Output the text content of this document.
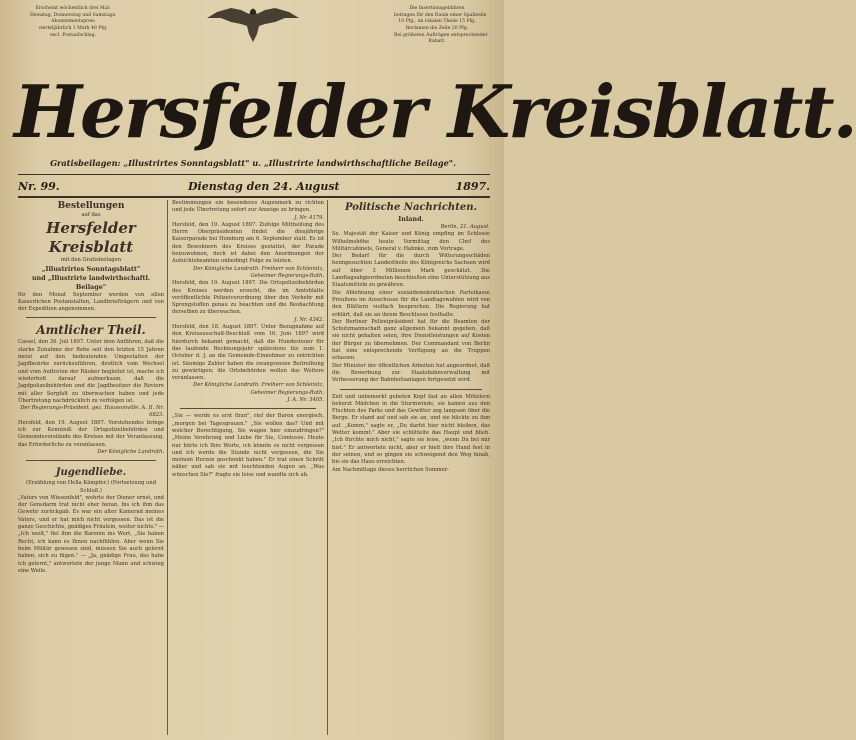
Erscheint wöchentlich drei Mal:
Dienstag, Donnerstag und Samstags.
Abonnementspreis
vierteljährlich 1 Mark 40 Pfg.
excl. Postaufschlag.
Die Insertionsgebühren
betragen für den Raum einer Spaltzeile
10 Pfg., im lokalen Theile 15 Pfg.
Reclamen die Zeile 20 Pfg.
Bei größeren Aufträgen entsprechender
Rabatt.
Hersfelder Kreisblatt.
Gratisbeilagen: „Illustrirtes Sonntagsblatt" u. „Illustrirte landwirthschaftliche Beilage".
Nr. 99.	Dienstag den 24. August	1897.
Bestellungen
auf das
Hersfelder Kreisblatt
mit den Gratisbeilagen
„Illustrirtes Sonntagsblatt"
und „Illustrirte landwirthschaftl. Beilage"

für den Monat September werden von allen Kaiserlichen Postanstalten, Landbriefträgern und von der Expedition angenommen.

Amtlicher Theil.

Cassel, den 30. Juli 1897. Unter dem Anführen, daß die starke Zunahme der Rehe seit den letzten 15 Jahren meist auf den bedeutenden Umgestalten der Jagdbezirke zurückzuführen, deutlich vom Wechsel und vom Auftreten der Räuber begleitet ist, mache ich wiederholt darauf aufmerksam, daß die Jagdpolizeibehörden und die Jagdbesitzer die Reviere mit aller Sorgfalt zu überwachen haben und jede Übertretung nachdrücklich zu verfolgen ist.

Der Regierungs-Präsident. gez. Haussonville. A. II. Nr. 6823.

Hersfeld, den 19. August 1897. Vorstehendes bringe ich zur Kenntniß der Ortspolizeibehörden und Gemeindevorstände des Kreises mit der Veranlassung, das Erforderliche zu veranlassen.

Der Königliche Landrath.

Jugendliebe.
(Erzählung von Hella Kämpfer.) (Fortsetzung und Schluß.)

„Vaters von Wiesenfeld", wehrte der Diener ernst, und der Gensdarm trat nicht eher heran, bis ich ihm das Gewehr zurückgab. Es war ein alter Kamerad meines Vaters, und er hat mich nicht vergessen. Das ist die ganze Geschichte, gnädiges Fräulein, weiter nichts." — „Ich weiß," fiel ihm die Baronin ins Wort, „Sie haben Recht, ich kann es Ihnen nachfühlen. Aber wenn Sie beim Militär gewesen sind, müssen Sie auch gelernt haben, sich zu fügen." — „Ja, gnädige Frau, das habe ich gelernt," antwortete der junge Mann und schwieg eine Weile.

Bestimmungen ein besonderes Augenmerk zu richten und jede Übertretung sofort zur Anzeige zu bringen.

J. Nr. 4179.

Hersfeld, den 19. August 1897. Zufolge Mittheilung des Herrn Oberpräsidenten findet die diesjährige Kaiserparade bei Homburg am 6. September statt. Es ist den Bewohnern des Kreises gestattet, der Parade beizuwohnen, doch ist dabei den Anordnungen der Aufsichtsbeamten unbedingt Folge zu leisten.

Der Königliche Landrath. Freiherr von Schleinitz, Geheimer Regierungs-Rath.

Hersfeld, den 19. August 1897. Die Ortspolizeibehörden des Kreises werden ersucht, die im Amtsblatte veröffentlichte Polizeiverordnung über den Verkehr mit Sprengstoffen genau zu beachten und die Beobachtung derselben zu überwachen.

J. Nr. 4342.

Hersfeld, den 18. August 1897. Unter Bezugnahme auf den Kreisausschuß-Beschluß vom 16. Juni 1897 wird hierdurch bekannt gemacht, daß die Hundesteuer für das laufende Rechnungsjahr spätestens bis zum 1. October d. J. an die Gemeinde-Einnehmer zu entrichten ist. Säumige Zahler haben die zwangsweise Beitreibung zu gewärtigen; die Ortsbehörden wollen das Weitere veranlassen.

Der Königliche Landrath. Freiherr von Schleinitz, Geheimer Regierungs-Rath.

J. A. Nr. 3405.

„Sie — werde es erst thun", rief der Baron energisch, „morgen bei Tagesgrauen." „Sie wollen das? Und mit welcher Berechtigung, Sie wagen hier einzudringen?" „Meine Verehrung und Liebe für Sie, Comtesse. Heute nur hörte ich Ihre Worte, ich könnte es nicht vergessen und ich werde die Stunde nicht vergessen, die Sie meinem Herzen geschenkt haben." Er trat einen Schritt näher und sah sie mit leuchtenden Augen an. „Was wünschen Sie?" fragte sie leise und wandte sich ab.

Politische Nachrichten.
Inland.

Berlin, 21. August.

Se. Majestät der Kaiser und König empfing im Schlosse Wilhelmshöhe heute Vormittag den Chef des Militärcabinets, General v. Hahnke, zum Vortrage.

Der Bedarf für die durch Witterungsschäden heimgesuchten Landestheile des Königreichs Sachsen wird auf über 3 Millionen Mark geschätzt. Die Landtagsabgeordneten beschließen eine Unterstützung aus Staatsmitteln zu gewähren.

Die Ablehnung einer sozialdemokratischen Parteikasse Preußens im Ausschusse für die Landtagswahlen wird von den Blättern vielfach besprochen. Die Regierung hat erklärt, daß sie an ihrem Beschlusse festhalte.

Der Berliner Polizeipräsident hat für die Beamten der Schutzmannschaft ganz allgemein bekannt gegeben, daß sie nicht gehalten seien, ihre Dienstleistungen auf Kosten der Bürger zu übernehmen. Der Commandant von Berlin hat eine entsprechende Verfügung an die Truppen erlassen.

Der Minister der öffentlichen Arbeiten hat angeordnet, daß die Bewerbung zur Staatsbahnverwaltung mit Verbesserung der Bahnhofsanlagen fortgesetzt wird.

Zeit und unbemerkt gebeten Kopf fast an allen Mittelern beherzt Mädchen in die Sturmwinde, sie kamen aus den Fluchten des Parks und das Gewitter zog langsam über die Berge. Er stand auf und sah sie an, und sie blickte zu ihm auf. „Komm," sagte er, „Du darfst hier nicht bleiben, das Wetter kommt." Aber sie schüttelte das Haupt und blieb. „Ich fürchte mich nicht," sagte sie leise, „wenn Du bei mir bist." Er antwortete nicht, aber er hielt ihre Hand fest in der seinen, und so gingen sie schweigend den Weg hinab, bis sie das Haus erreichten.

Am Nachmittage dieses herrlichen Sommer-
